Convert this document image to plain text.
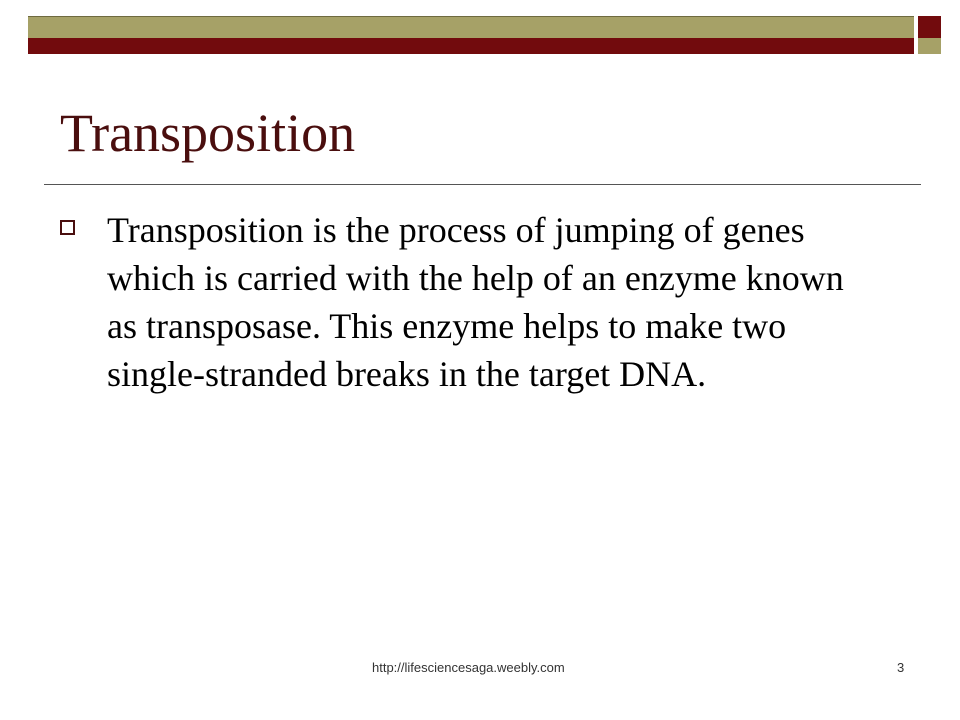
Transposition

Transposition is the process of jumping of genes which is carried with the help of an enzyme known as transposase. This enzyme helps to make two single-stranded breaks in the target DNA.

http://lifesciencesaga.weebly.com	3
